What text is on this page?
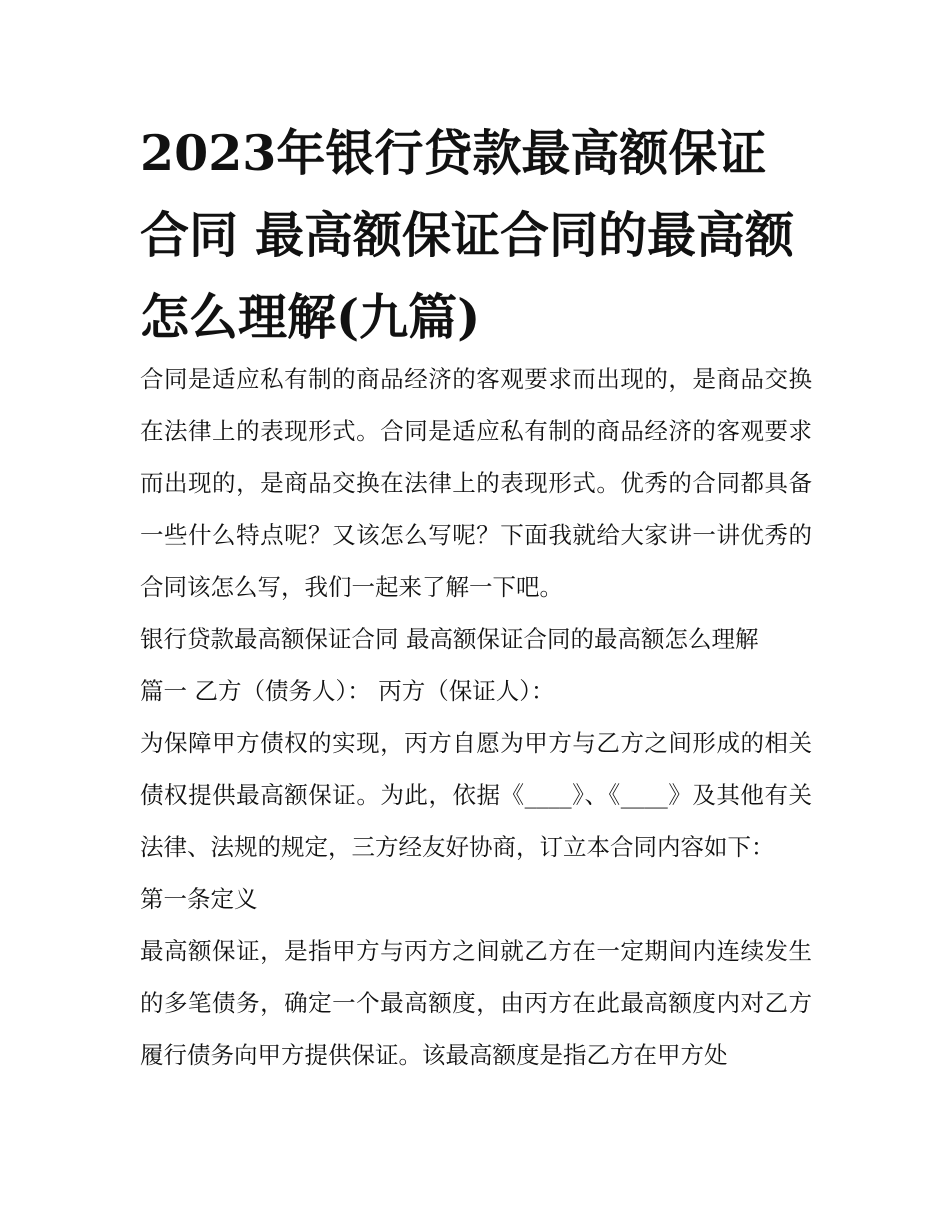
2023年银行贷款最高额保证合同 最高额保证合同的最高额怎么理解(九篇)

合同是适应私有制的商品经济的客观要求而出现的，是商品交换在法律上的表现形式。合同是适应私有制的商品经济的客观要求而出现的，是商品交换在法律上的表现形式。优秀的合同都具备一些什么特点呢？又该怎么写呢？下面我就给大家讲一讲优秀的合同该怎么写，我们一起来了解一下吧。

银行贷款最高额保证合同 最高额保证合同的最高额怎么理解

篇一 乙方（债务人）： 丙方（保证人）：

为保障甲方债权的实现，丙方自愿为甲方与乙方之间形成的相关债权提供最高额保证。为此，依据《____》、《____》及其他有关法律、法规的规定，三方经友好协商，订立本合同内容如下：

第一条定义

最高额保证，是指甲方与丙方之间就乙方在一定期间内连续发生的多笔债务，确定一个最高额度，由丙方在此最高额度内对乙方履行债务向甲方提供保证。该最高额度是指乙方在甲方处
